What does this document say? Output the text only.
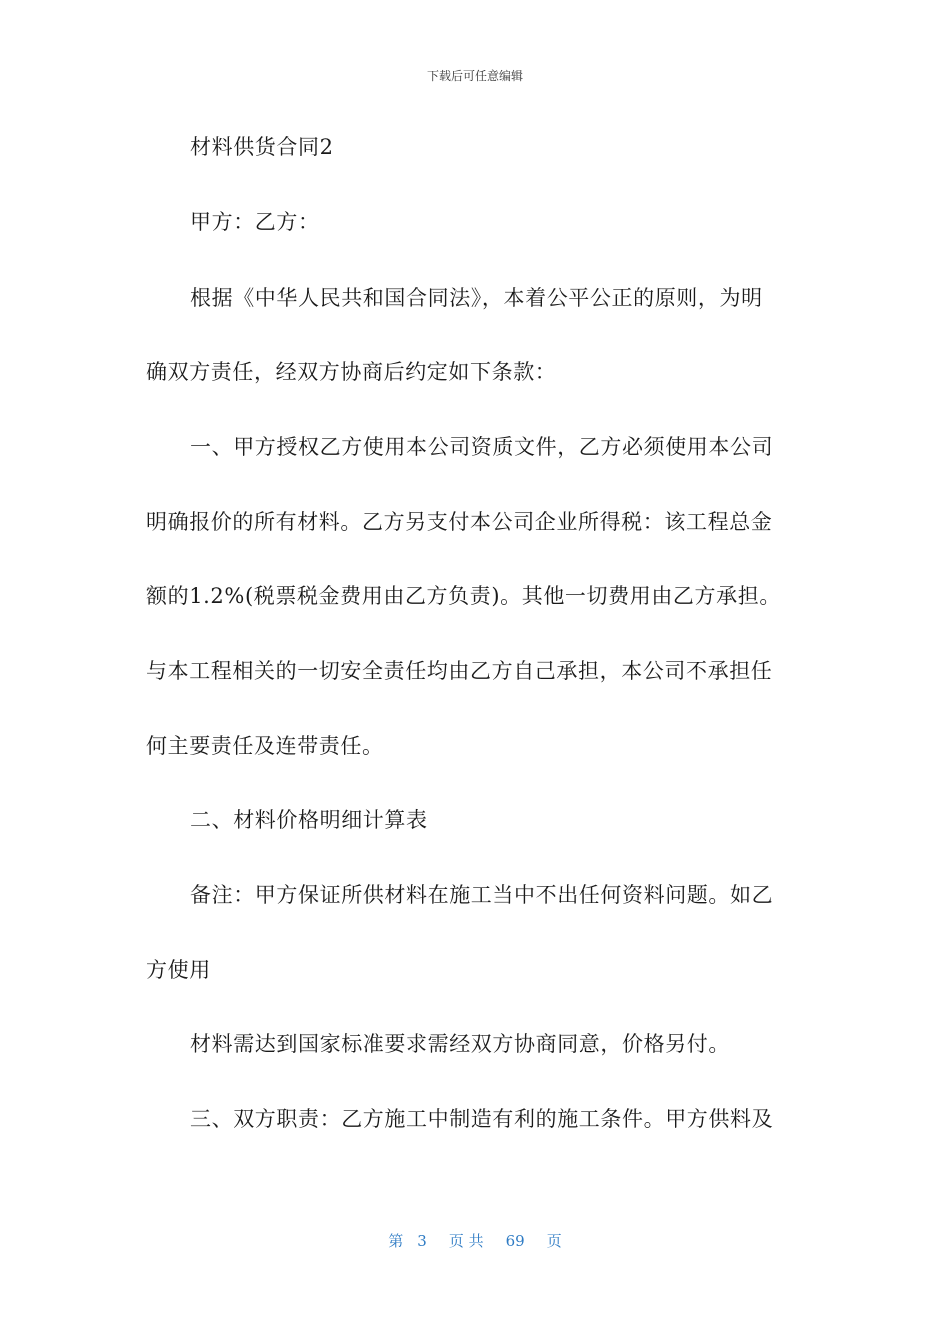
下载后可任意编辑
材料供货合同2
甲方：乙方：
根据《中华人民共和国合同法》，本着公平公正的原则，为明
确双方责任，经双方协商后约定如下条款：
一、甲方授权乙方使用本公司资质文件，乙方必须使用本公司
明确报价的所有材料。乙方另支付本公司企业所得税：该工程总金
额的1.2%(税票税金费用由乙方负责)。其他一切费用由乙方承担。
与本工程相关的一切安全责任均由乙方自己承担，本公司不承担任
何主要责任及连带责任。
二、材料价格明细计算表
备注：甲方保证所供材料在施工当中不出任何资料问题。如乙
方使用
材料需达到国家标准要求需经双方协商同意，价格另付。
三、双方职责：乙方施工中制造有利的施工条件。甲方供料及
第 3 页 共 69 页
